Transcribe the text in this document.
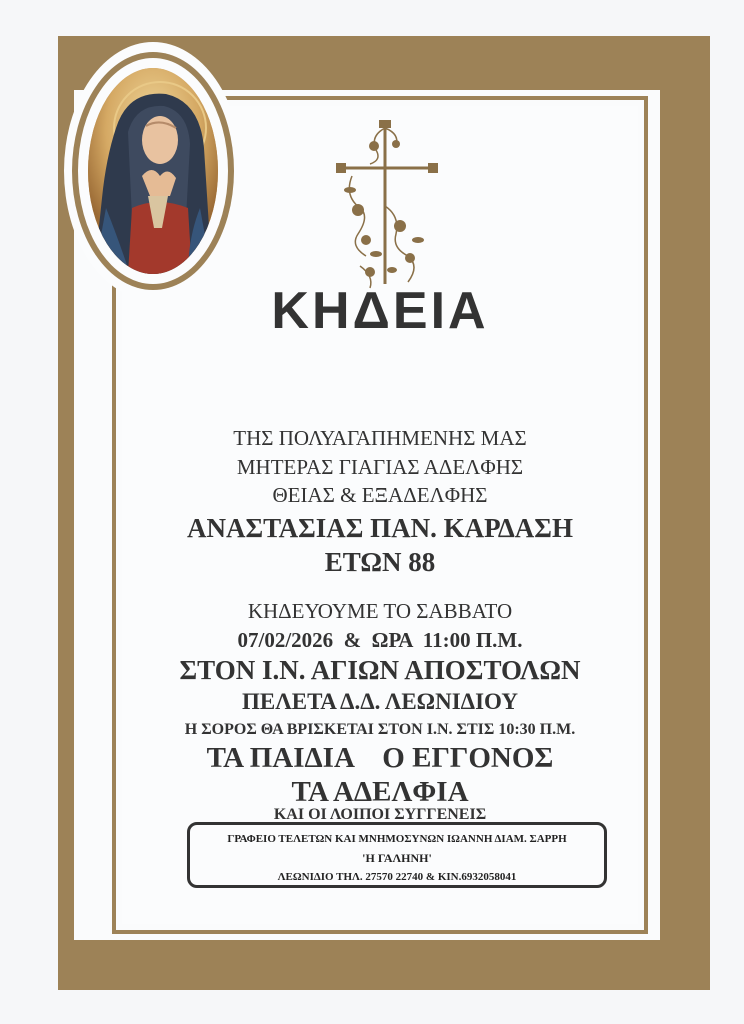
ΚΗΔΕΙΑ
ΤΗΣ ΠΟΛΥΑΓΑΠΗΜΕΝΗΣ ΜΑΣ
ΜΗΤΕΡΑΣ ΓΙΑΓΙΑΣ ΑΔΕΛΦΗΣ
ΘΕΙΑΣ & ΕΞΑΔΕΛΦΗΣ
ΑΝΑΣΤΑΣΙΑΣ ΠΑΝ. ΚΑΡΔΑΣΗ
ΕΤΩΝ 88
ΚΗΔΕΥΟΥΜΕ ΤΟ ΣΑΒΒΑΤΟ
07/02/2026  &  ΩΡΑ  11:00 Π.Μ.
ΣΤΟΝ Ι.Ν. ΑΓΙΩΝ ΑΠΟΣΤΟΛΩΝ
ΠΕΛΕΤΑ Δ.Δ. ΛΕΩΝΙΔΙΟΥ
Η ΣΟΡΟΣ ΘΑ ΒΡΙΣΚΕΤΑΙ ΣΤΟΝ Ι.Ν. ΣΤΙΣ 10:30 Π.Μ.
ΤΑ ΠΑΙΔΙΑ    Ο ΕΓΓΟΝΟΣ
ΤΑ ΑΔΕΛΦΙΑ
ΚΑΙ ΟΙ ΛΟΙΠΟΙ ΣΥΓΓΕΝΕΙΣ
ΓΡΑΦΕΙΟ ΤΕΛΕΤΩΝ ΚΑΙ ΜΝΗΜΟΣΥΝΩΝ ΙΩΑΝΝΗ ΔΙΑΜ. ΣΑΡΡΗ
'Η ΓΑΛΗΝΗ'
ΛΕΩΝΙΔΙΟ ΤΗΛ. 27570 22740 & ΚΙΝ.6932058041
